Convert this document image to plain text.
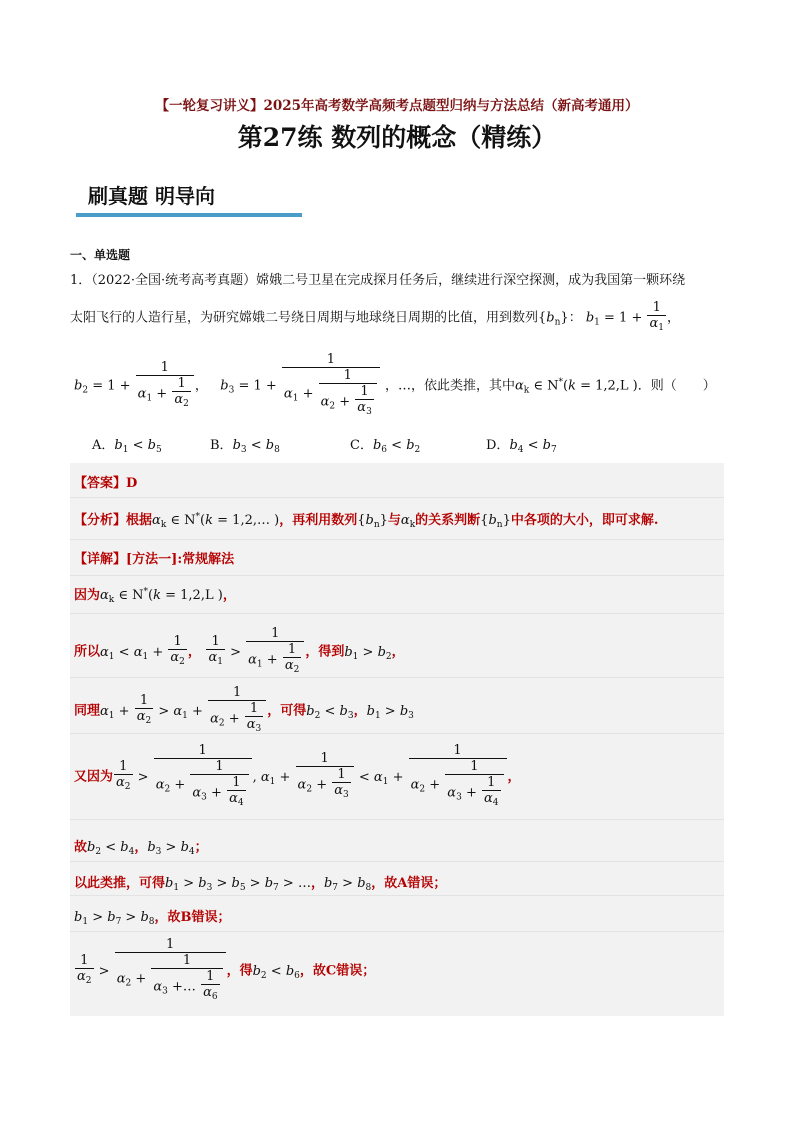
【一轮复习讲义】2025年高考数学高频考点题型归纳与方法总结（新高考通用）
第27练 数列的概念（精练）
刷真题 明导向
一、单选题
1．（2022·全国·统考高考真题）嫦娥二号卫星在完成探月任务后，继续进行深空探测，成为我国第一颗环绕
太阳飞行的人造行星，为研究嫦娥二号绕日周期与地球绕日周期的比值，用到数列$\{b_n\}$： $b_1 = 1 + \frac{1}{\alpha_1}$ ，
$b_2 = 1 + \frac{1}{\alpha_1 + \frac{1}{\alpha_2}}$ ，   $b_3 = 1 + \frac{1}{\alpha_1 + \frac{1}{\alpha_2 + \frac{1}{\alpha_3}}}$ ，…，依此类推，其中$\alpha_k$ ∈ N*(k = 1,2,L )．则（　　）
A．$b_1 < b_5$	B．$b_3 < b_8$	C．$b_6 < b_2$	D．$b_4 < b_7$
【答案】D
【分析】根据$\alpha_k$ ∈ N*(k = 1,2,… )，再利用数列$\{b_n\}$与$\alpha_k$的关系判断$\{b_n\}$中各项的大小，即可求解.
【详解】[方法一]:常规解法
因为$\alpha_k$ ∈ N*(k = 1,2,L )，
所以$\alpha_1 < \alpha_1 + \frac{1}{\alpha_2}$ ， $\frac{1}{\alpha_1} > \frac{1}{\alpha_1 + \frac{1}{\alpha_2}}$ ，得到$b_1 > b_2$，
同理$\alpha_1 + \frac{1}{\alpha_2} > \alpha_1 + \frac{1}{\alpha_2 + \frac{1}{\alpha_3}}$ ，可得$b_2 < b_3$，$b_1 > b_3$
又因为 $\frac{1}{\alpha_2} > \frac{1}{\alpha_2 + \frac{1}{\alpha_3 + \frac{1}{\alpha_4}}}$ , $\alpha_1 + \frac{1}{\alpha_2 + \frac{1}{\alpha_3}} < \alpha_1 + \frac{1}{\alpha_2 + \frac{1}{\alpha_3 + \frac{1}{\alpha_4}}}$ ，
故$b_2 < b_4$，$b_3 > b_4$；
以此类推，可得$b_1 > b_3 > b_5 > b_7$ > …，$b_7 > b_8$，故A错误；
$b_1 > b_7 > b_8$，故B错误；
$\frac{1}{\alpha_2} > \frac{1}{\alpha_2 + \frac{1}{\alpha_3 +\dots \frac{1}{\alpha_6}}}$ ，得$b_2 < b_6$，故C错误；
